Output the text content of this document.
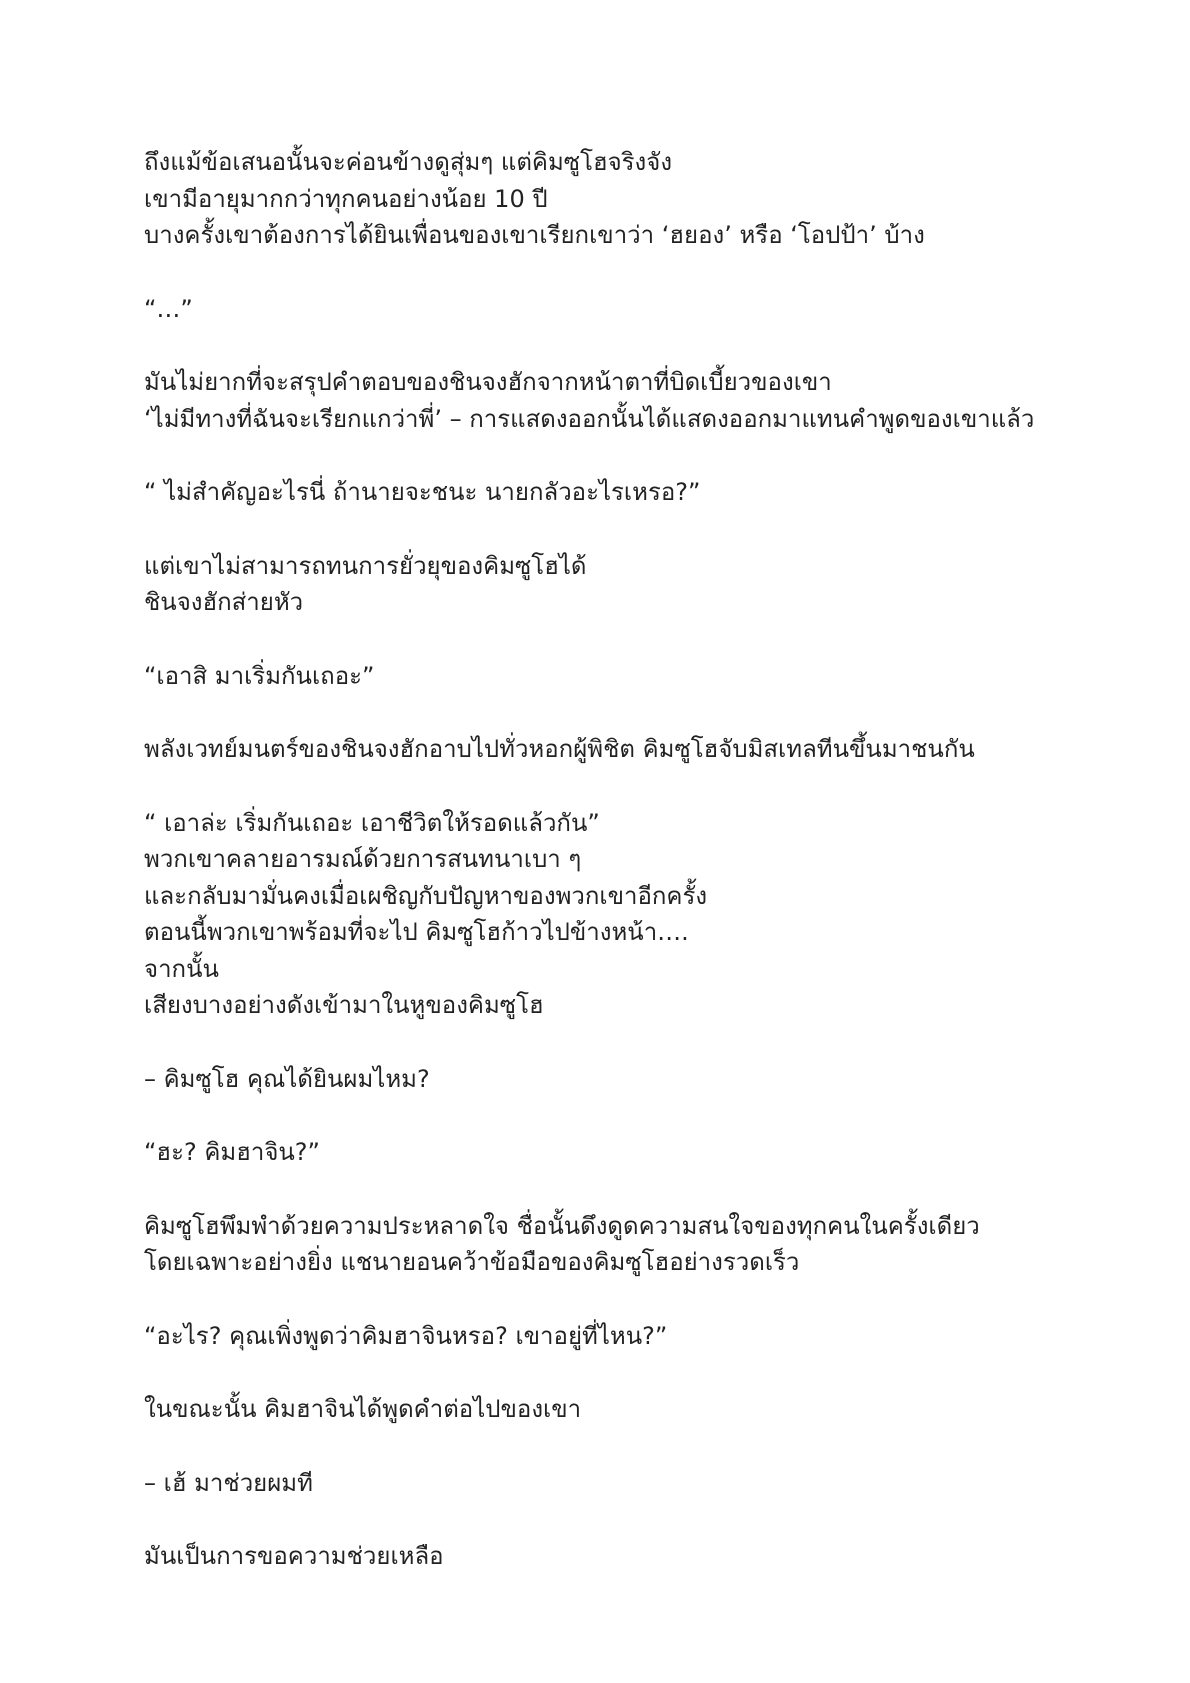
ถึงแม้ข้อเสนอนั้นจะค่อนข้างดูสุ่มๆ แต่คิมซูโฮจริงจัง
เขามีอายุมากกว่าทุกคนอย่างน้อย 10 ปี
บางครั้งเขาต้องการได้ยินเพื่อนของเขาเรียกเขาว่า ‘ฮยอง’ หรือ ‘โอปป้า’ บ้าง

“…”

มันไม่ยากที่จะสรุปคำตอบของชินจงฮักจากหน้าตาที่บิดเบี้ยวของเขา
‘ไม่มีทางที่ฉันจะเรียกแกว่าพี่’ – การแสดงออกนั้นได้แสดงออกมาแทนคำพูดของเขาแล้ว

“ ไม่สำคัญอะไรนี่ ถ้านายจะชนะ นายกลัวอะไรเหรอ?”

แต่เขาไม่สามารถทนการยั่วยุของคิมซูโฮได้
ชินจงฮักส่ายหัว

“เอาสิ มาเริ่มกันเถอะ”

พลังเวทย์มนตร์ของชินจงฮักอาบไปทั่วหอกผู้พิชิต คิมซูโฮจับมิสเทลทีนขึ้นมาชนกัน

“ เอาล่ะ เริ่มกันเถอะ เอาชีวิตให้รอดแล้วกัน”
พวกเขาคลายอารมณ์ด้วยการสนทนาเบา ๆ
และกลับมามั่นคงเมื่อเผชิญกับปัญหาของพวกเขาอีกครั้ง
ตอนนี้พวกเขาพร้อมที่จะไป คิมซูโฮก้าวไปข้างหน้า….
จากนั้น
เสียงบางอย่างดังเข้ามาในหูของคิมซูโฮ

– คิมซูโฮ คุณได้ยินผมไหม?

“ฮะ? คิมฮาจิน?”

คิมซูโฮพึมพำด้วยความประหลาดใจ ชื่อนั้นดึงดูดความสนใจของทุกคนในครั้งเดียว
โดยเฉพาะอย่างยิ่ง แชนายอนคว้าข้อมือของคิมซูโฮอย่างรวดเร็ว

“อะไร? คุณเพิ่งพูดว่าคิมฮาจินหรอ? เขาอยู่ที่ไหน?”

ในขณะนั้น คิมฮาจินได้พูดคำต่อไปของเขา

– เฮ้ มาช่วยผมที

มันเป็นการขอความช่วยเหลือ
